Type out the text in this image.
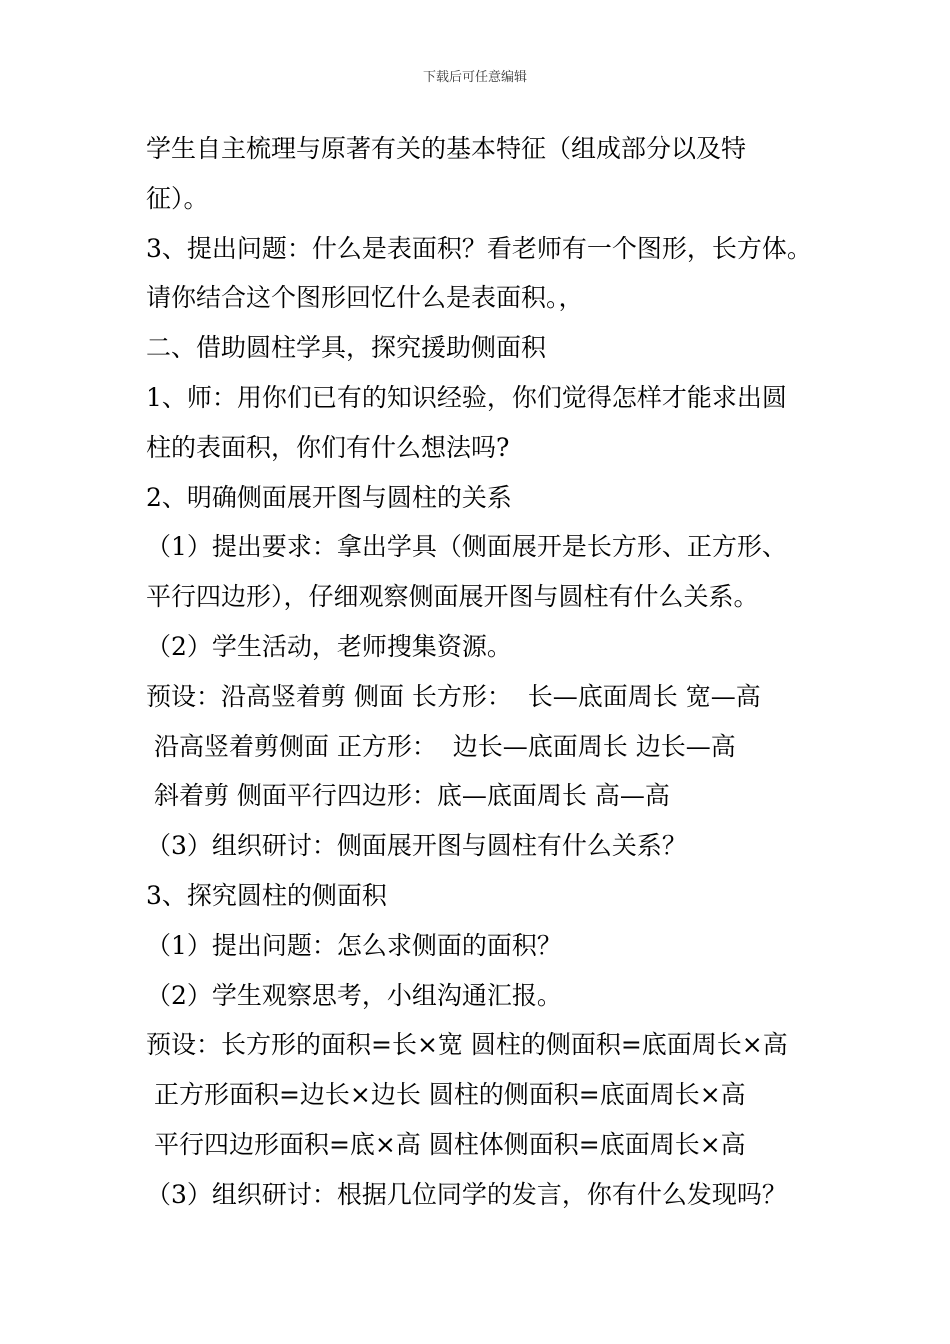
下载后可任意编辑
学生自主梳理与原著有关的基本特征（组成部分以及特
征）。
3、提出问题：什么是表面积？看老师有一个图形，长方体。
请你结合这个图形回忆什么是表面积。，
二、借助圆柱学具，探究援助侧面积
1、师：用你们已有的知识经验，你们觉得怎样才能求出圆
柱的表面积，你们有什么想法吗?
2、明确侧面展开图与圆柱的关系
（1）提出要求：拿出学具（侧面展开是长方形、正方形、
平行四边形），仔细观察侧面展开图与圆柱有什么关系。
（2）学生活动，老师搜集资源。
预设：沿高竖着剪 侧面 长方形：  长—底面周长 宽—高
沿高竖着剪侧面 正方形：  边长—底面周长 边长—高
斜着剪 侧面平行四边形：底—底面周长 高—高
（3）组织研讨：侧面展开图与圆柱有什么关系？
3、探究圆柱的侧面积
（1）提出问题：怎么求侧面的面积？
（2）学生观察思考，小组沟通汇报。
预设：长方形的面积=长×宽 圆柱的侧面积=底面周长×高
正方形面积=边长×边长 圆柱的侧面积=底面周长×高
平行四边形面积=底×高 圆柱体侧面积=底面周长×高
（3）组织研讨：根据几位同学的发言，你有什么发现吗？
